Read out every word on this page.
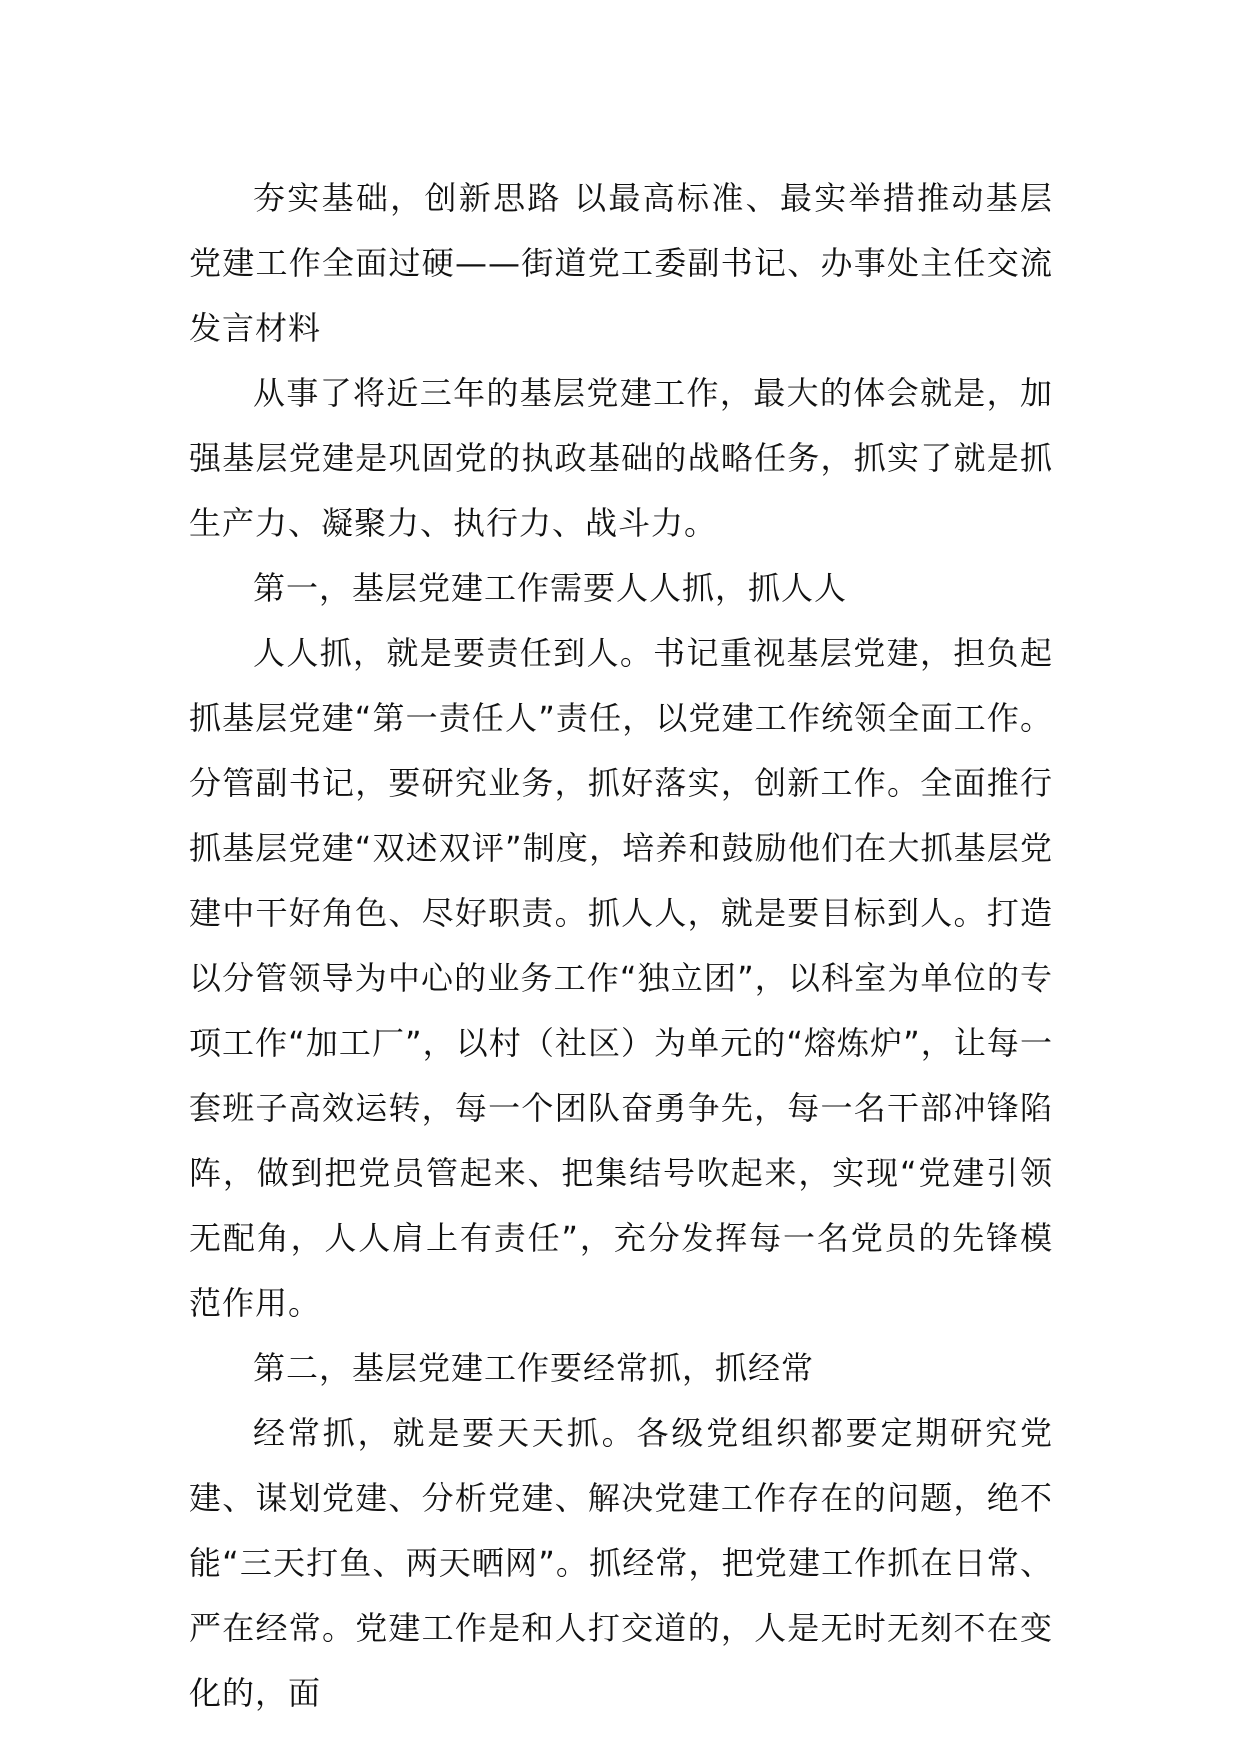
夯实基础，创新思路 以最高标准、最实举措推动基层党建工作全面过硬——街道党工委副书记、办事处主任交流发言材料

从事了将近三年的基层党建工作，最大的体会就是，加强基层党建是巩固党的执政基础的战略任务，抓实了就是抓生产力、凝聚力、执行力、战斗力。

第一，基层党建工作需要人人抓，抓人人

人人抓，就是要责任到人。书记重视基层党建，担负起抓基层党建“第一责任人”责任，以党建工作统领全面工作。分管副书记，要研究业务，抓好落实，创新工作。全面推行抓基层党建“双述双评”制度，培养和鼓励他们在大抓基层党建中干好角色、尽好职责。抓人人，就是要目标到人。打造以分管领导为中心的业务工作“独立团”，以科室为单位的专项工作“加工厂”，以村（社区）为单元的“熔炼炉”，让每一套班子高效运转，每一个团队奋勇争先，每一名干部冲锋陷阵，做到把党员管起来、把集结号吹起来，实现“党建引领无配角，人人肩上有责任”，充分发挥每一名党员的先锋模范作用。

第二，基层党建工作要经常抓，抓经常

经常抓，就是要天天抓。各级党组织都要定期研究党建、谋划党建、分析党建、解决党建工作存在的问题，绝不能“三天打鱼、两天晒网”。抓经常，把党建工作抓在日常、严在经常。党建工作是和人打交道的，人是无时无刻不在变化的，面
